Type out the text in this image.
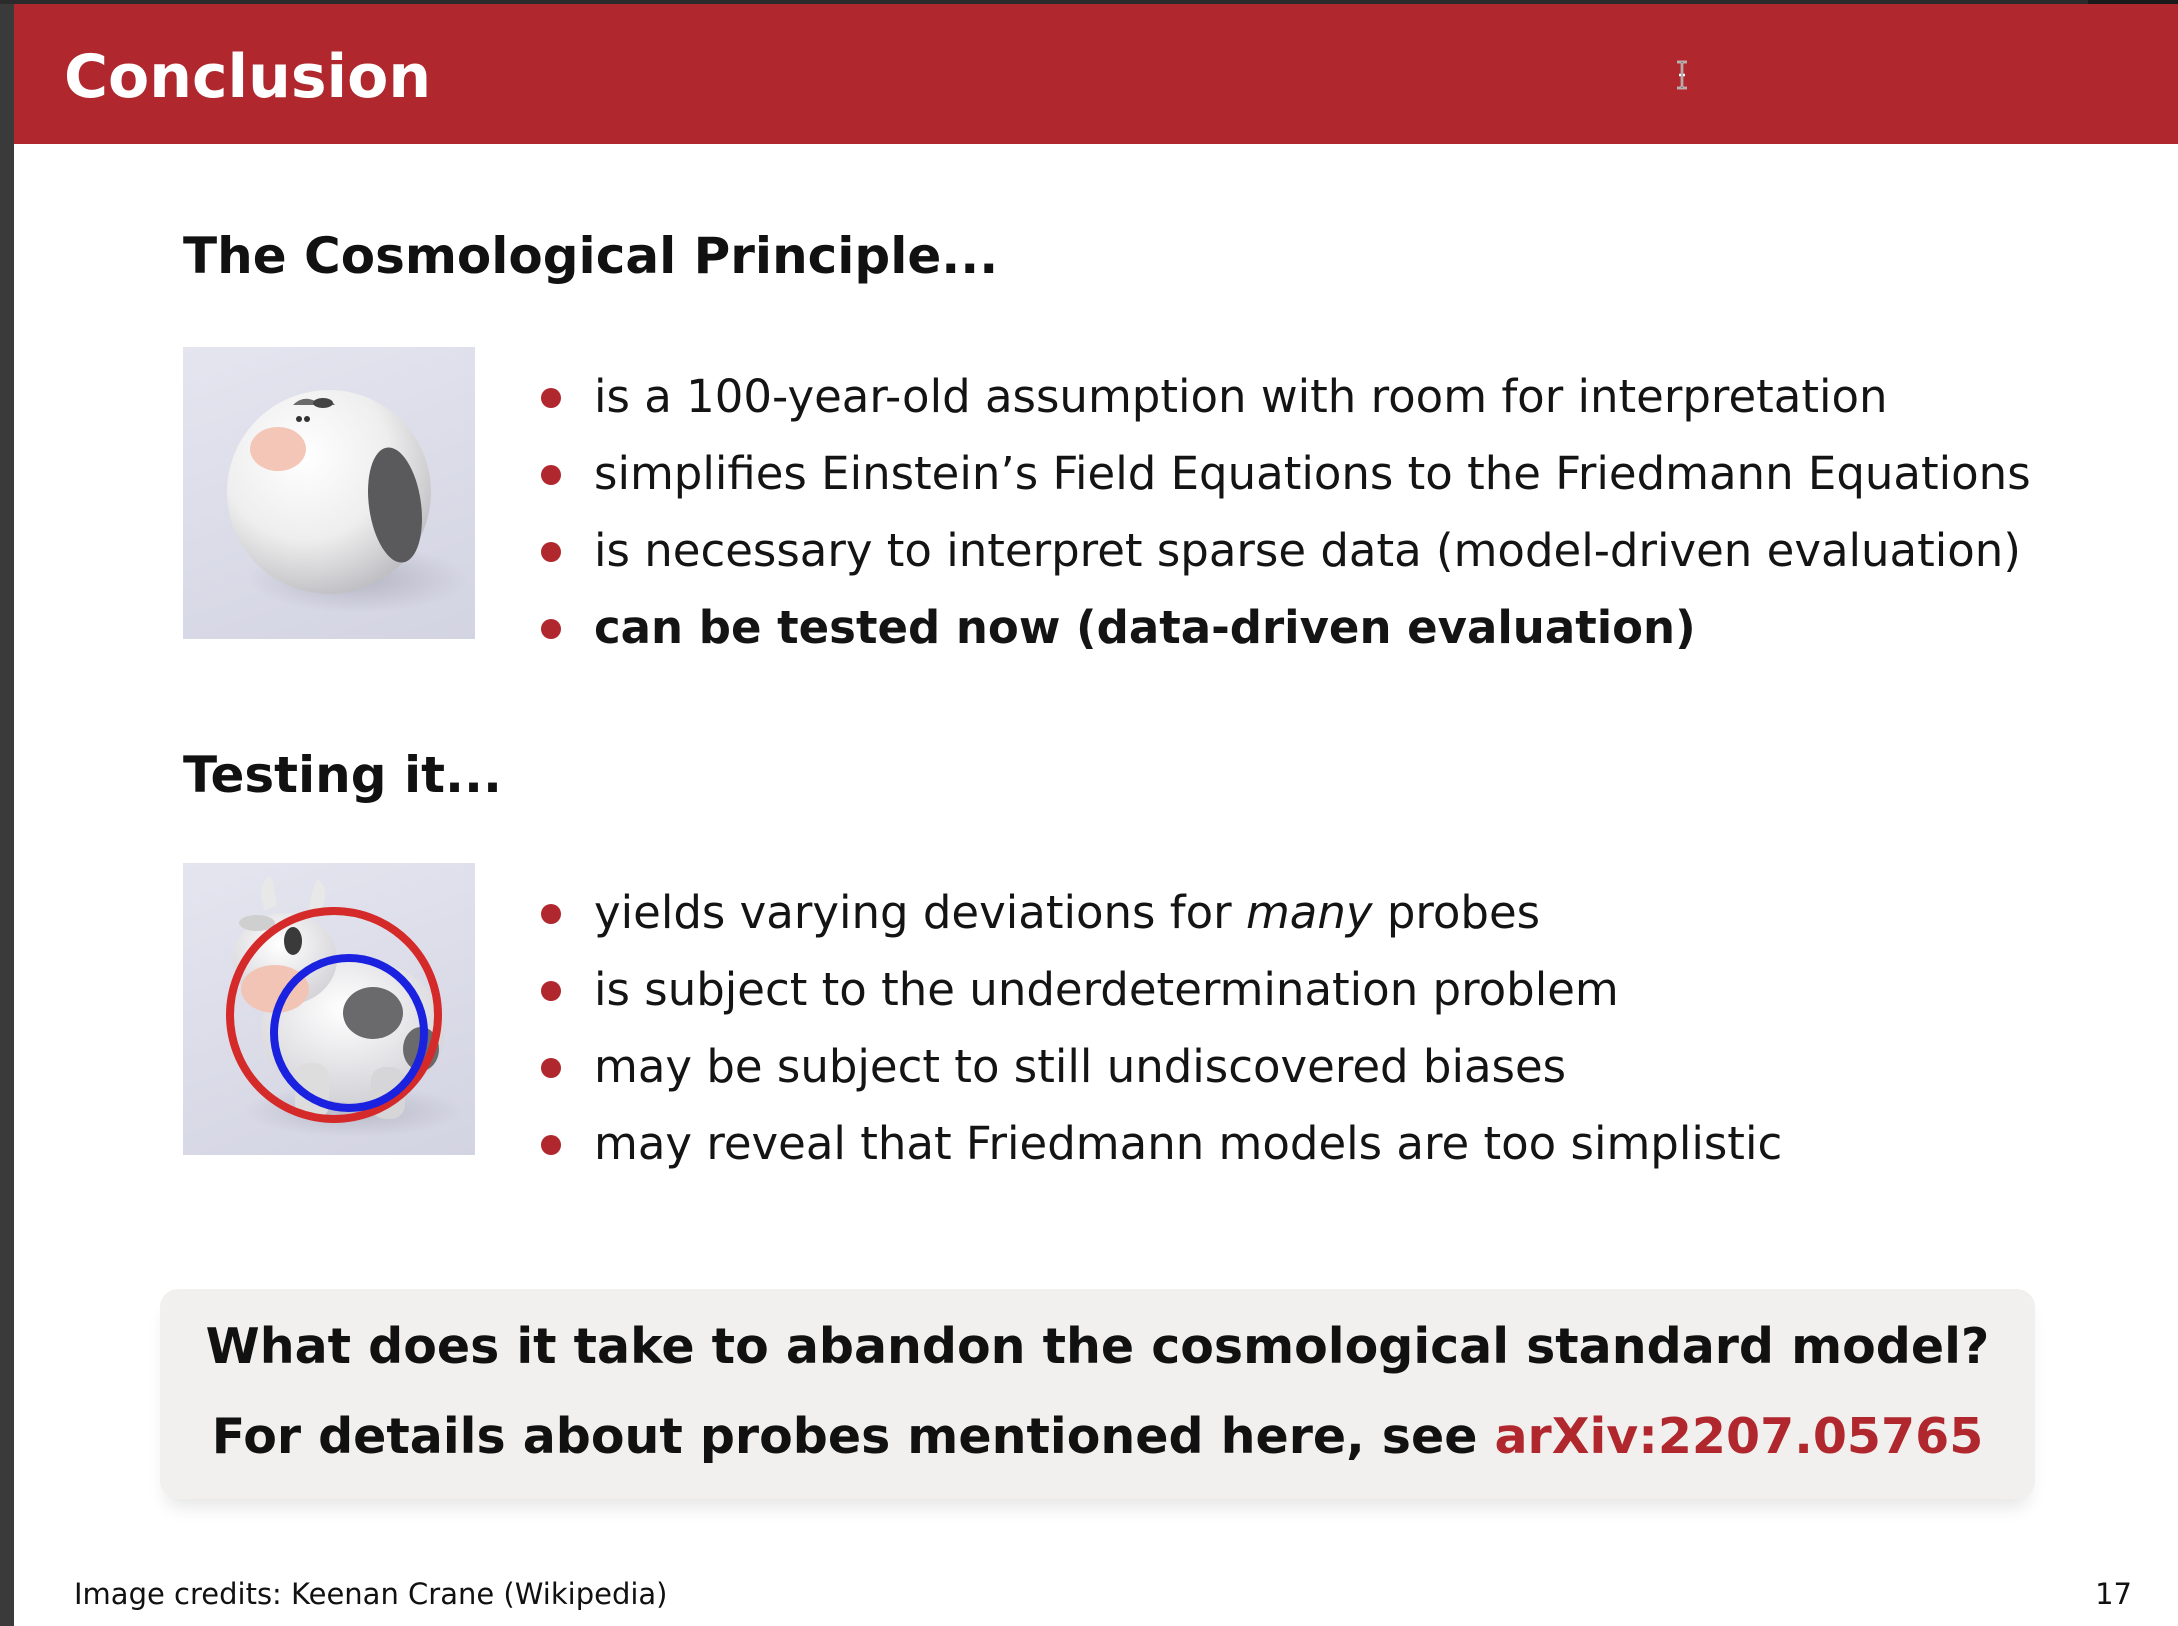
Conclusion
The Cosmological Principle...
is a 100-year-old assumption with room for interpretation
simplifies Einstein’s Field Equations to the Friedmann Equations
is necessary to interpret sparse data (model-driven evaluation)
can be tested now (data-driven evaluation)
Testing it...
yields varying deviations for many probes
is subject to the underdetermination problem
may be subject to still undiscovered biases
may reveal that Friedmann models are too simplistic

What does it take to abandon the cosmological standard model?

For details about probes mentioned here, see arXiv:2207.05765

Image credits: Keenan Crane (Wikipedia)	17
